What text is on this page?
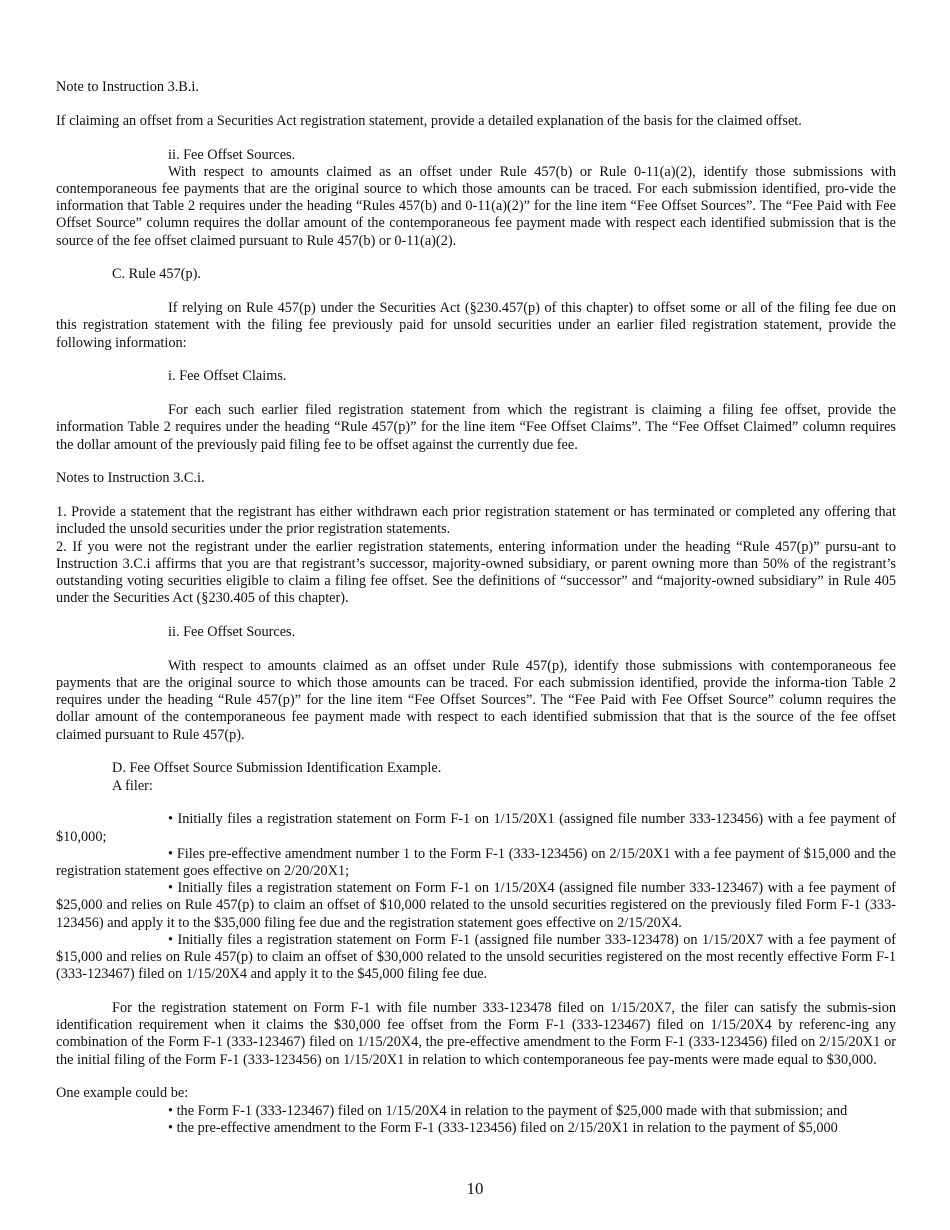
Note to Instruction 3.B.i.

If claiming an offset from a Securities Act registration statement, provide a detailed explanation of the basis for the claimed offset.

ii. Fee Offset Sources.

With respect to amounts claimed as an offset under Rule 457(b) or Rule 0-11(a)(2), identify those submissions with contemporaneous fee payments that are the original source to which those amounts can be traced. For each submission identified, pro-vide the information that Table 2 requires under the heading “Rules 457(b) and 0-11(a)(2)” for the line item “Fee Offset Sources”. The “Fee Paid with Fee Offset Source” column requires the dollar amount of the contemporaneous fee payment made with respect each identified submission that is the source of the fee offset claimed pursuant to Rule 457(b) or 0-11(a)(2).

C. Rule 457(p).

If relying on Rule 457(p) under the Securities Act (§230.457(p) of this chapter) to offset some or all of the filing fee due on this registration statement with the filing fee previously paid for unsold securities under an earlier filed registration statement, provide the following information:

i. Fee Offset Claims.

For each such earlier filed registration statement from which the registrant is claiming a filing fee offset, provide the information Table 2 requires under the heading “Rule 457(p)” for the line item “Fee Offset Claims”. The “Fee Offset Claimed” column requires the dollar amount of the previously paid filing fee to be offset against the currently due fee.

Notes to Instruction 3.C.i.

1. Provide a statement that the registrant has either withdrawn each prior registration statement or has terminated or completed any offering that included the unsold securities under the prior registration statements.

2. If you were not the registrant under the earlier registration statements, entering information under the heading “Rule 457(p)” pursu-ant to Instruction 3.C.i affirms that you are that registrant’s successor, majority-owned subsidiary, or parent owning more than 50% of the registrant’s outstanding voting securities eligible to claim a filing fee offset. See the definitions of “successor” and “majority-owned subsidiary” in Rule 405 under the Securities Act (§230.405 of this chapter).

ii. Fee Offset Sources.

With respect to amounts claimed as an offset under Rule 457(p), identify those submissions with contemporaneous fee payments that are the original source to which those amounts can be traced. For each submission identified, provide the informa-tion Table 2 requires under the heading “Rule 457(p)” for the line item “Fee Offset Sources”. The “Fee Paid with Fee Offset Source” column requires the dollar amount of the contemporaneous fee payment made with respect to each identified submission that that is the source of the fee offset claimed pursuant to Rule 457(p).

D. Fee Offset Source Submission Identification Example.

A filer:

• Initially files a registration statement on Form F-1 on 1/15/20X1 (assigned file number 333-123456) with a fee payment of $10,000;

• Files pre-effective amendment number 1 to the Form F-1 (333-123456) on 2/15/20X1 with a fee payment of $15,000 and the registration statement goes effective on 2/20/20X1;

• Initially files a registration statement on Form F-1 on 1/15/20X4 (assigned file number 333-123467) with a fee payment of $25,000 and relies on Rule 457(p) to claim an offset of $10,000 related to the unsold securities registered on the previously filed Form F-1 (333-123456) and apply it to the $35,000 filing fee due and the registration statement goes effective on 2/15/20X4.

• Initially files a registration statement on Form F-1 (assigned file number 333-123478) on 1/15/20X7 with a fee payment of $15,000 and relies on Rule 457(p) to claim an offset of $30,000 related to the unsold securities registered on the most recently effective Form F-1 (333-123467) filed on 1/15/20X4 and apply it to the $45,000 filing fee due.

For the registration statement on Form F-1 with file number 333-123478 filed on 1/15/20X7, the filer can satisfy the submis-sion identification requirement when it claims the $30,000 fee offset from the Form F-1 (333-123467) filed on 1/15/20X4 by referenc-ing any combination of the Form F-1 (333-123467) filed on 1/15/20X4, the pre-effective amendment to the Form F-1 (333-123456) filed on 2/15/20X1 or the initial filing of the Form F-1 (333-123456) on 1/15/20X1 in relation to which contemporaneous fee pay-ments were made equal to $30,000.

One example could be:

• the Form F-1 (333-123467) filed on 1/15/20X4 in relation to the payment of $25,000 made with that submission; and

• the pre-effective amendment to the Form F-1 (333-123456) filed on 2/15/20X1 in relation to the payment of $5,000

10
